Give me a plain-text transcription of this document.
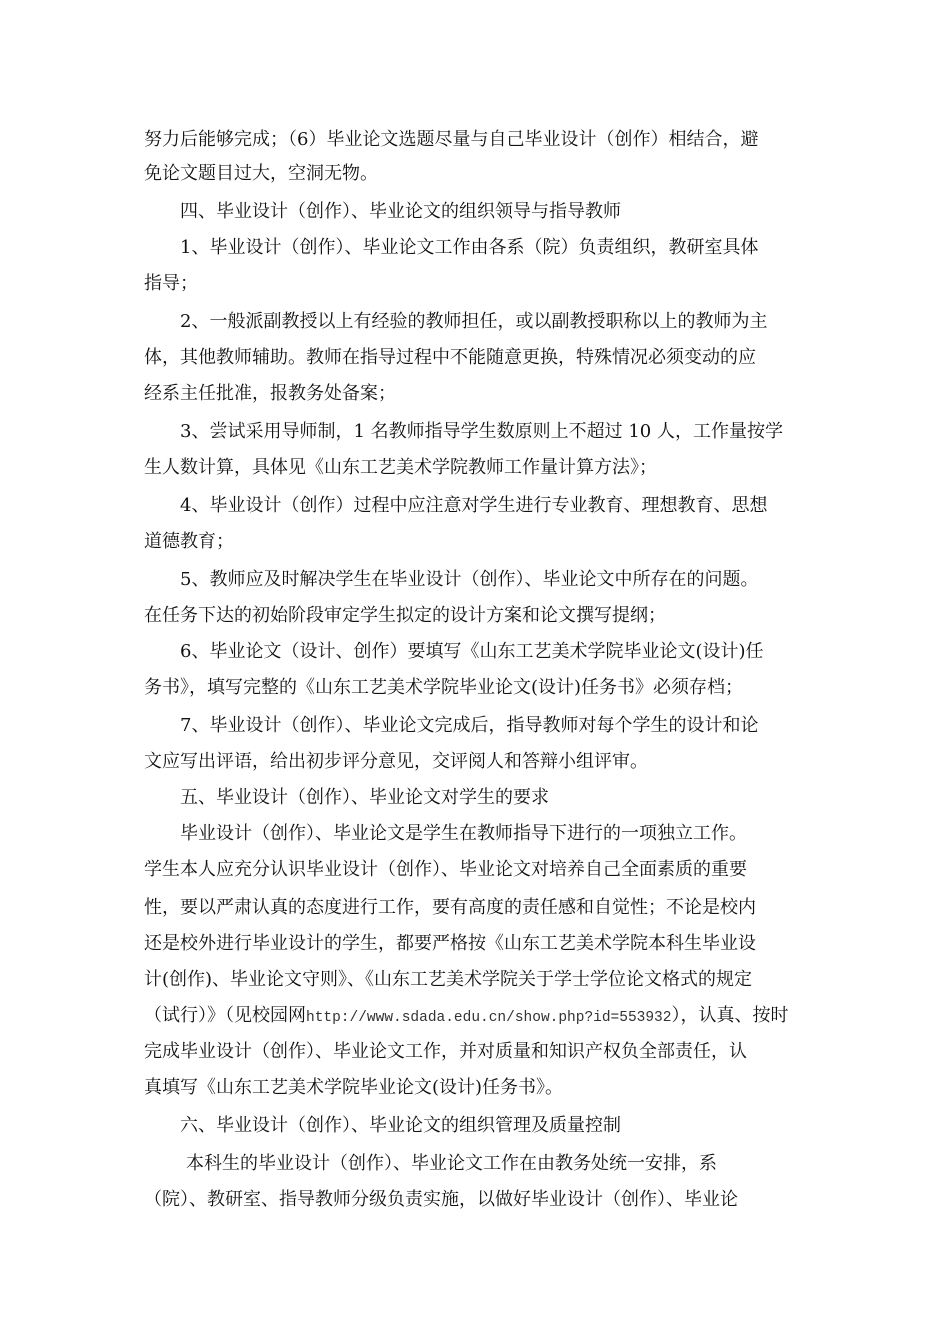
努力后能够完成；（6）毕业论文选题尽量与自己毕业设计（创作）相结合，避
免论文题目过大，空洞无物。
四、毕业设计（创作）、毕业论文的组织领导与指导教师
1、毕业设计（创作）、毕业论文工作由各系（院）负责组织，教研室具体
指导；
2、一般派副教授以上有经验的教师担任，或以副教授职称以上的教师为主
体，其他教师辅助。教师在指导过程中不能随意更换，特殊情况必须变动的应
经系主任批准，报教务处备案；
3、尝试采用导师制，1 名教师指导学生数原则上不超过 10 人，工作量按学
生人数计算，具体见《山东工艺美术学院教师工作量计算方法》；
4、毕业设计（创作）过程中应注意对学生进行专业教育、理想教育、思想
道德教育；
5、教师应及时解决学生在毕业设计（创作）、毕业论文中所存在的问题。
在任务下达的初始阶段审定学生拟定的设计方案和论文撰写提纲；
6、毕业论文（设计、创作）要填写《山东工艺美术学院毕业论文(设计)任
务书》，填写完整的《山东工艺美术学院毕业论文(设计)任务书》必须存档；
7、毕业设计（创作）、毕业论文完成后，指导教师对每个学生的设计和论
文应写出评语，给出初步评分意见，交评阅人和答辩小组评审。
五、毕业设计（创作）、毕业论文对学生的要求
毕业设计（创作）、毕业论文是学生在教师指导下进行的一项独立工作。
学生本人应充分认识毕业设计（创作）、毕业论文对培养自己全面素质的重要
性，要以严肃认真的态度进行工作，要有高度的责任感和自觉性；不论是校内
还是校外进行毕业设计的学生，都要严格按《山东工艺美术学院本科生毕业设
计(创作)、毕业论文守则》、《山东工艺美术学院关于学士学位论文格式的规定
（试行）》（见校园网http://www.sdada.edu.cn/show.php?id=553932），认真、按时
完成毕业设计（创作）、毕业论文工作，并对质量和知识产权负全部责任，认
真填写《山东工艺美术学院毕业论文(设计)任务书》。
六、毕业设计（创作）、毕业论文的组织管理及质量控制
本科生的毕业设计（创作）、毕业论文工作在由教务处统一安排，系
（院）、教研室、指导教师分级负责实施，以做好毕业设计（创作）、毕业论
